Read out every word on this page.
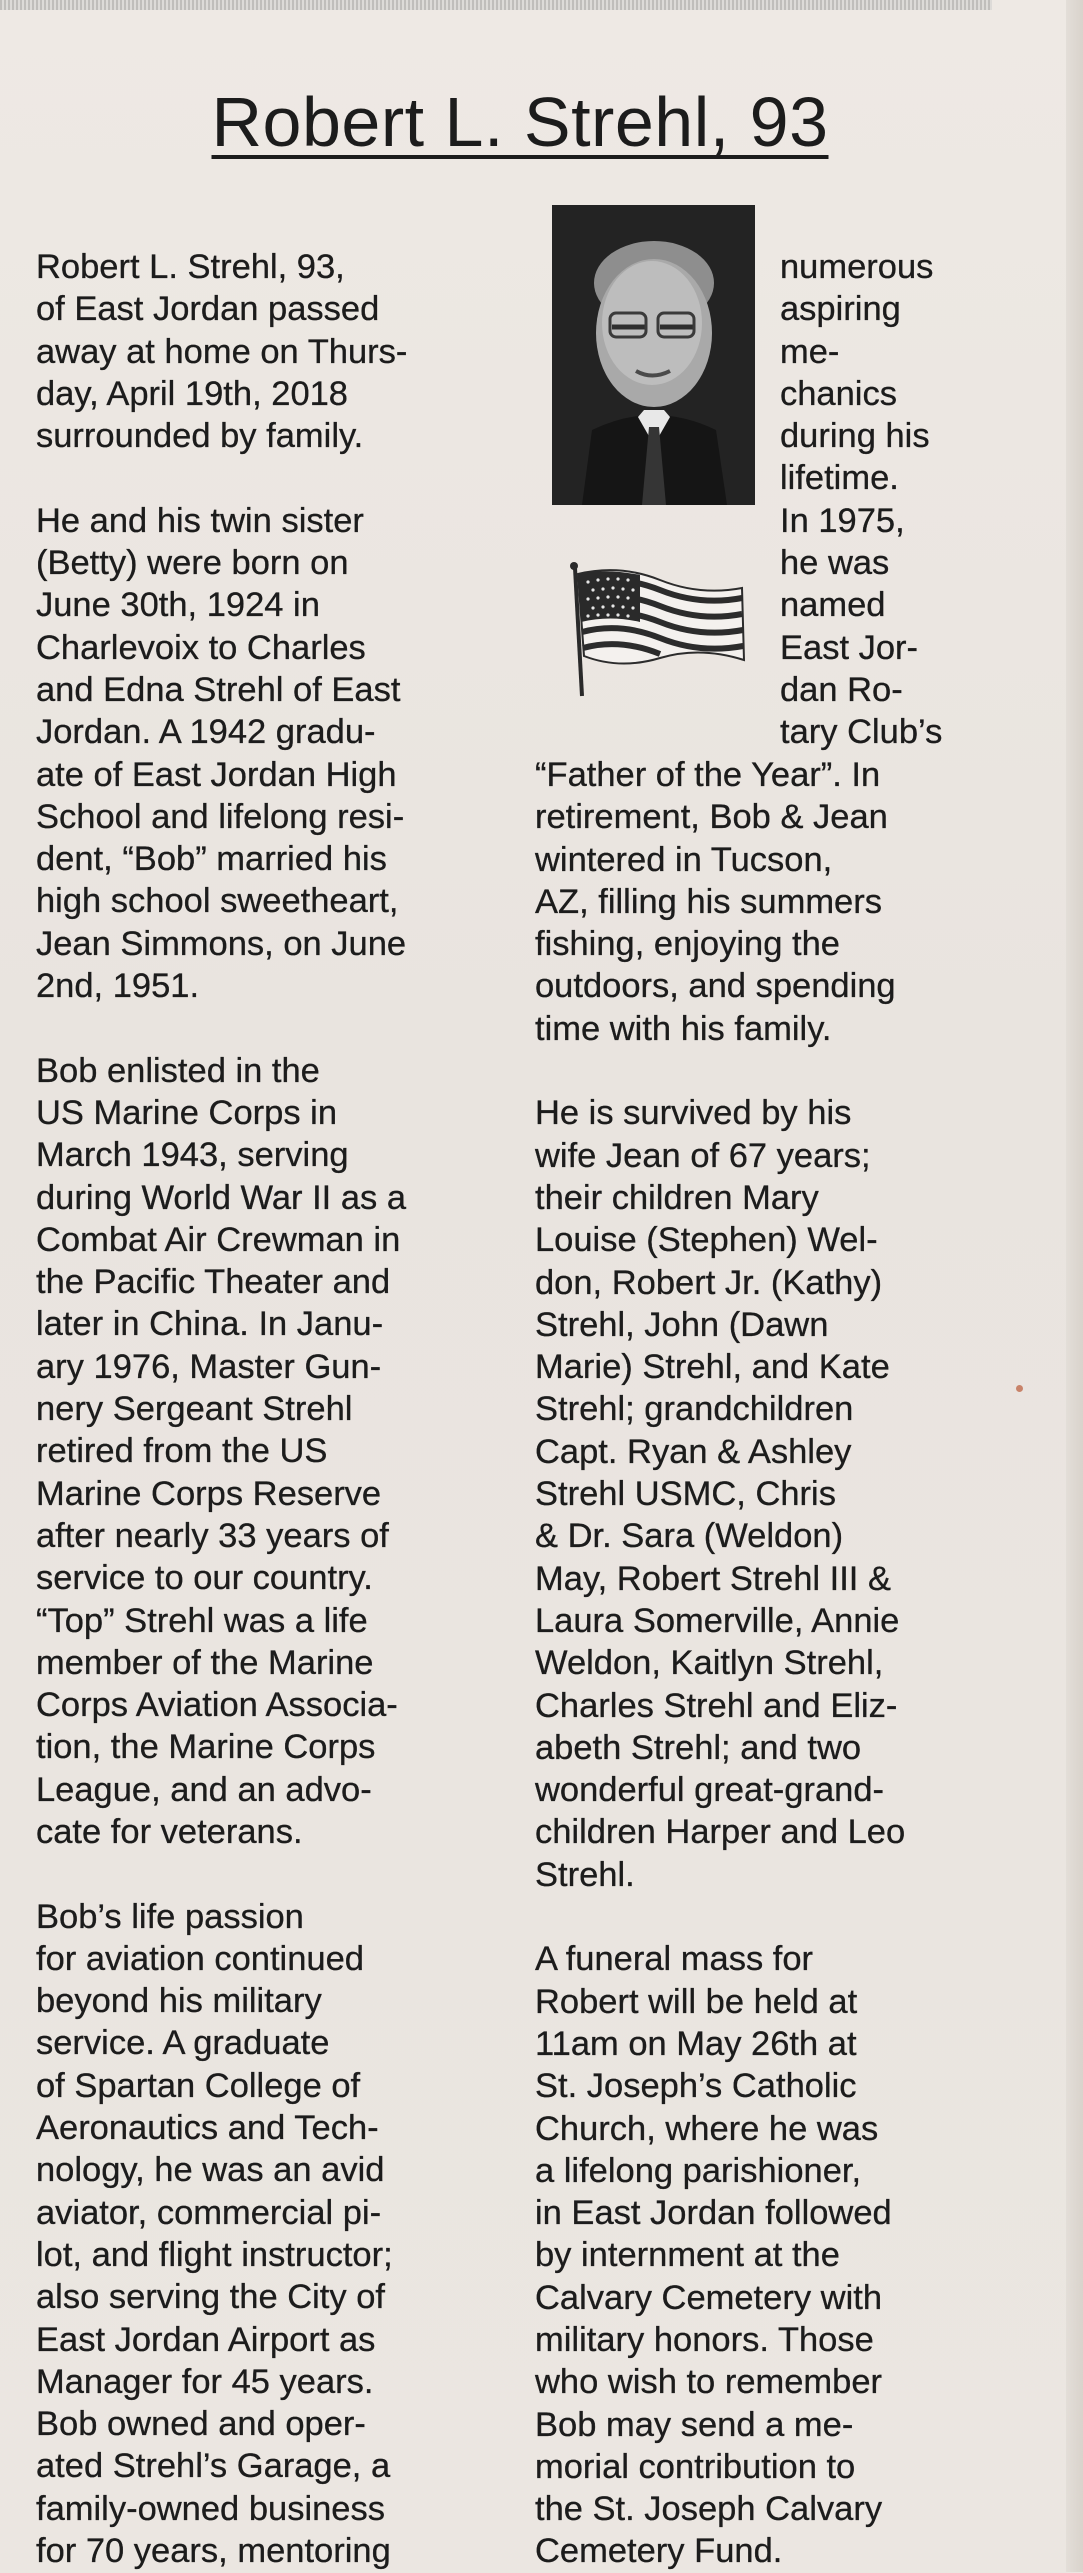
Robert L. Strehl, 93
Robert L. Strehl, 93,
of East Jordan passed
away at home on Thurs-
day, April 19th, 2018
surrounded by family.

He and his twin sister
(Betty) were born on
June 30th, 1924 in
Charlevoix to Charles
and Edna Strehl of East
Jordan. A 1942 gradu-
ate of East Jordan High
School and lifelong resi-
dent, “Bob” married his
high school sweetheart,
Jean Simmons, on June
2nd, 1951.

Bob enlisted in the
US Marine Corps in
March 1943, serving
during World War II as a
Combat Air Crewman in
the Pacific Theater and
later in China. In Janu-
ary 1976, Master Gun-
nery Sergeant Strehl
retired from the US
Marine Corps Reserve
after nearly 33 years of
service to our country.
“Top” Strehl was a life
member of the Marine
Corps Aviation Associa-
tion, the Marine Corps
League, and an advo-
cate for veterans.

Bob’s life passion
for aviation continued
beyond his military
service. A graduate
of Spartan College of
Aeronautics and Tech-
nology, he was an avid
aviator, commercial pi-
lot, and flight instructor;
also serving the City of
East Jordan Airport as
Manager for 45 years.
Bob owned and oper-
ated Strehl’s Garage, a
family-owned business
for 70 years, mentoring
numerous
aspiring
me-
chanics
during his
lifetime.
In 1975,
he was
named
East Jor-
dan Ro-
tary Club’s
“Father of the Year”. In
retirement, Bob & Jean
wintered in Tucson,
AZ, filling his summers
fishing, enjoying the
outdoors, and spending
time with his family.

He is survived by his
wife Jean of 67 years;
their children Mary
Louise (Stephen) Wel-
don, Robert Jr. (Kathy)
Strehl, John (Dawn
Marie) Strehl, and Kate
Strehl; grandchildren
Capt. Ryan & Ashley
Strehl USMC, Chris
& Dr. Sara (Weldon)
May, Robert Strehl III &
Laura Somerville, Annie
Weldon, Kaitlyn Strehl,
Charles Strehl and Eliz-
abeth Strehl; and two
wonderful great-grand-
children Harper and Leo
Strehl.

A funeral mass for
Robert will be held at
11am on May 26th at
St. Joseph’s Catholic
Church, where he was
a lifelong parishioner,
in East Jordan followed
by internment at the
Calvary Cemetery with
military honors. Those
who wish to remember
Bob may send a me-
morial contribution to
the St. Joseph Calvary
Cemetery Fund.
